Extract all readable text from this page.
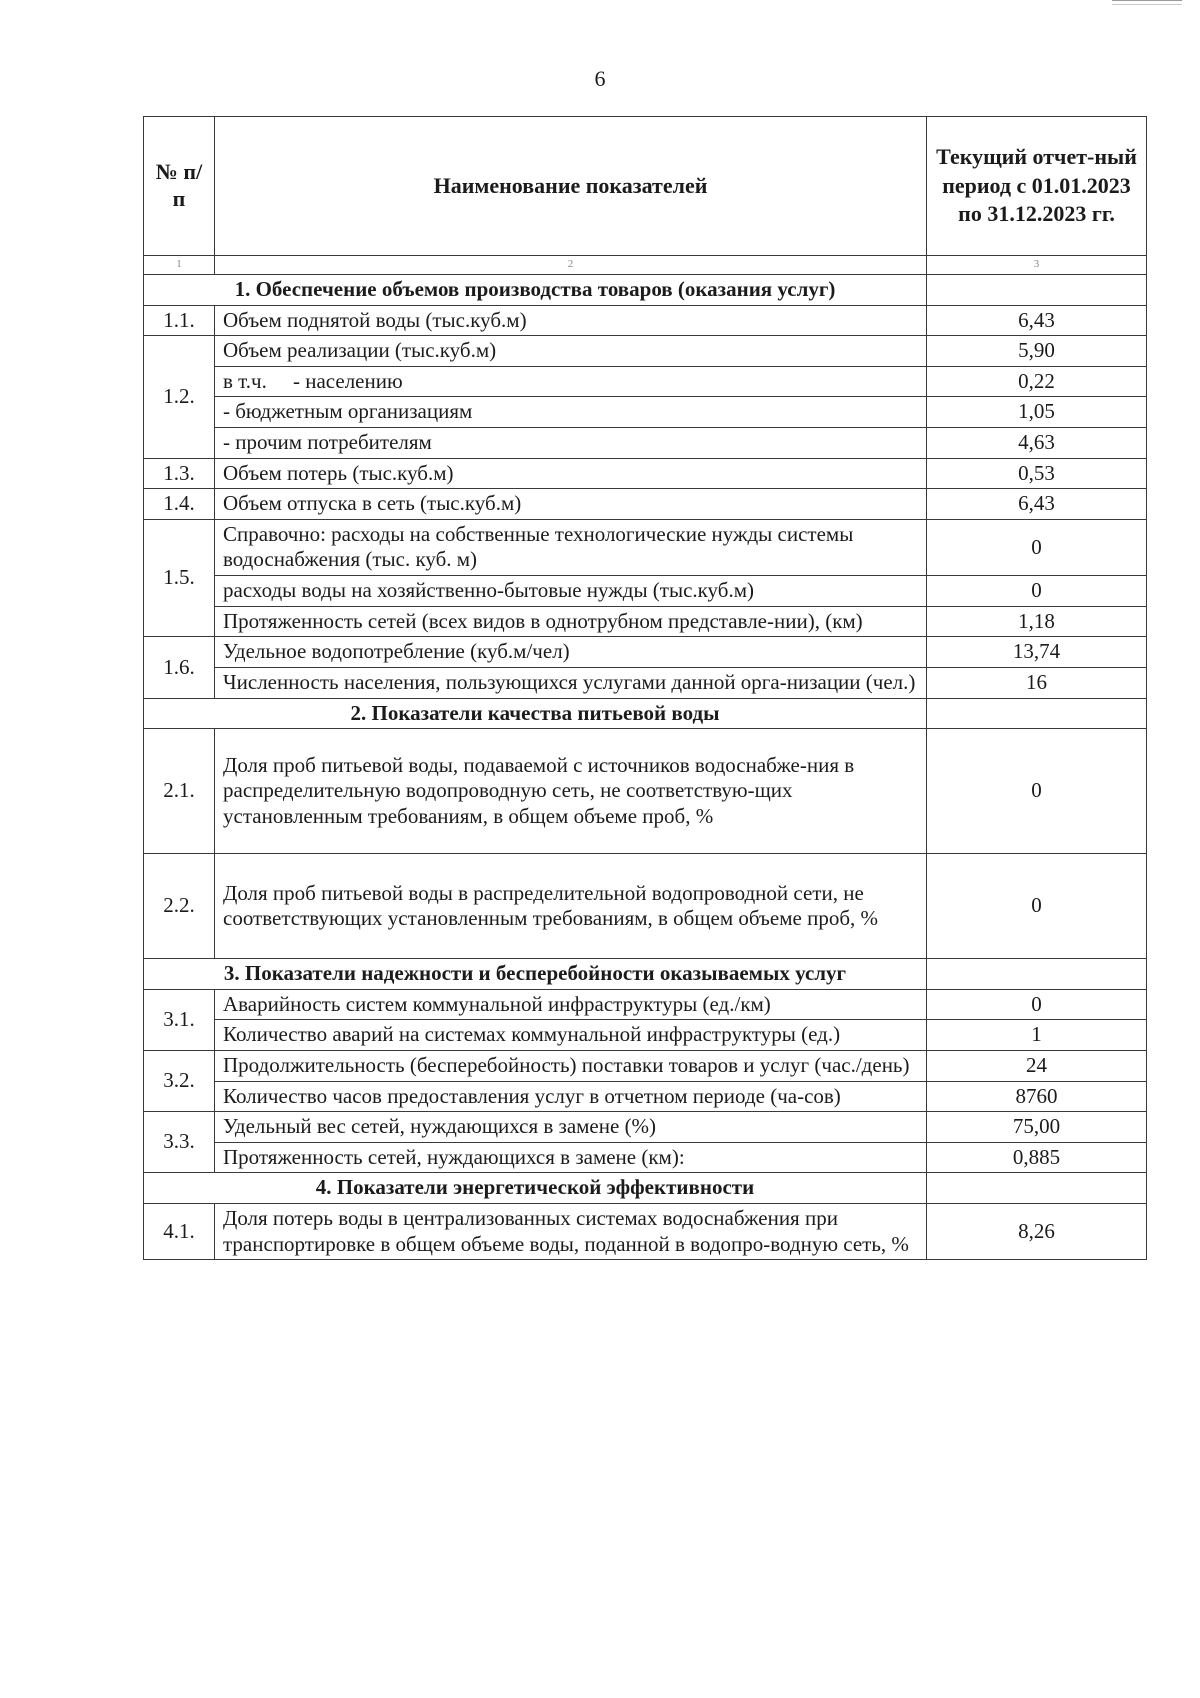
6
№ п/п	Наименование показателей	Текущий отчет-ный период с 01.01.2023 по 31.12.2023 гг.
1	2	3
1. Обеспечение объемов производства товаров (оказания услуг)		
1.1.	Объем поднятой воды (тыс.куб.м)	6,43
1.2.	Объем реализации (тыс.куб.м)	5,90
	в т.ч. - населению	0,22
	- бюджетным организациям	1,05
	- прочим потребителям	4,63
1.3.	Объем потерь (тыс.куб.м)	0,53
1.4.	Объем отпуска в сеть (тыс.куб.м)	6,43
1.5.	Справочно: расходы на собственные технологические нужды системы водоснабжения (тыс. куб. м)	0
	расходы воды на хозяйственно-бытовые нужды (тыс.куб.м)	0
	Протяженность сетей (всех видов в однотрубном представле-нии), (км)	1,18
1.6.	Удельное водопотребление (куб.м/чел)	13,74
	Численность населения, пользующихся услугами данной орга-низации (чел.)	16
2. Показатели качества питьевой воды		
2.1.	Доля проб питьевой воды, подаваемой с источников водоснабже-ния в распределительную водопроводную сеть, не соответствую-щих установленным требованиям, в общем объеме проб, %	0
2.2.	Доля проб питьевой воды в распределительной водопроводной сети, не соответствующих установленным требованиям, в общем объеме проб, %	0
3. Показатели надежности и бесперебойности оказываемых услуг		
3.1.	Аварийность систем коммунальной инфраструктуры (ед./км)	0
	Количество аварий на системах коммунальной инфраструктуры (ед.)	1
3.2.	Продолжительность (бесперебойность) поставки товаров и услуг (час./день)	24
	Количество часов предоставления услуг в отчетном периоде (ча-сов)	8760
3.3.	Удельный вес сетей, нуждающихся в замене (%)	75,00
	Протяженность сетей, нуждающихся в замене (км):	0,885
4. Показатели энергетической эффективности		
4.1.	Доля потерь воды в централизованных системах водоснабжения при транспортировке в общем объеме воды, поданной в водопро-водную сеть, %	8,26
